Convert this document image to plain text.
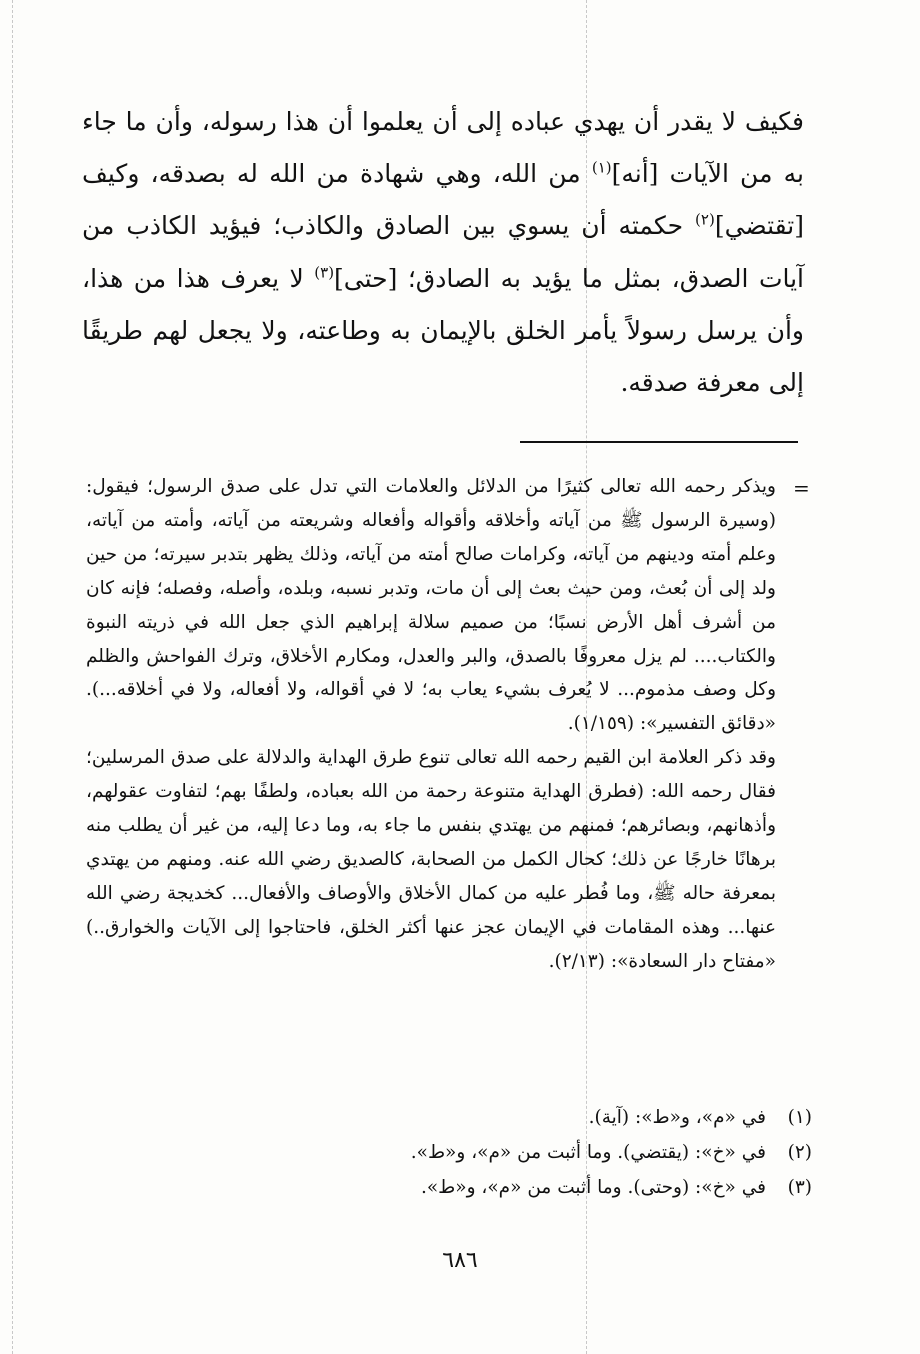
فكيف لا يقدر أن يهدي عباده إلى أن يعلموا أن هذا رسوله، وأن ما جاء به من الآيات [أنه]$^{(١)}$ من الله، وهي شهادة من الله له بصدقه، وكيف [تقتضي]$^{(٢)}$ حكمته أن يسوي بين الصادق والكاذب؛ فيؤيد الكاذب من آيات الصدق، بمثل ما يؤيد به الصادق؛ [حتى]$^{(٣)}$ لا يعرف هذا من هذا، وأن يرسل رسولاً يأمر الخلق بالإيمان به وطاعته، ولا يجعل لهم طريقًا إلى معرفة صدقه.

=

ويذكر رحمه الله تعالى كثيرًا من الدلائل والعلامات التي تدل على صدق الرسول؛ فيقول: (وسيرة الرسول ﷺ من آياته وأخلاقه وأقواله وأفعاله وشريعته من آياته، وأمته من آياته، وعلم أمته ودينهم من آياته، وكرامات صالح أمته من آياته، وذلك يظهر بتدبر سيرته؛ من حين ولد إلى أن بُعث، ومن حيث بعث إلى أن مات، وتدبر نسبه، وبلده، وأصله، وفصله؛ فإنه كان من أشرف أهل الأرض نسبًا؛ من صميم سلالة إبراهيم الذي جعل الله في ذريته النبوة والكتاب.... لم يزل معروفًا بالصدق، والبر والعدل، ومكارم الأخلاق، وترك الفواحش والظلم وكل وصف مذموم... لا يُعرف بشيء يعاب به؛ لا في أقواله، ولا أفعاله، ولا في أخلاقه...). «دقائق التفسير»: (١/١٥٩).

وقد ذكر العلامة ابن القيم رحمه الله تعالى تنوع طرق الهداية والدلالة على صدق المرسلين؛ فقال رحمه الله: (فطرق الهداية متنوعة رحمة من الله بعباده، ولطفًا بهم؛ لتفاوت عقولهم، وأذهانهم، وبصائرهم؛ فمنهم من يهتدي بنفس ما جاء به، وما دعا إليه، من غير أن يطلب منه برهانًا خارجًا عن ذلك؛ كحال الكمل من الصحابة، كالصديق رضي الله عنه. ومنهم من يهتدي بمعرفة حاله ﷺ، وما فُطر عليه من كمال الأخلاق والأوصاف والأفعال... كخديجة رضي الله عنها... وهذه المقامات في الإيمان عجز عنها أكثر الخلق، فاحتاجوا إلى الآيات والخوارق..) «مفتاح دار السعادة»: (٢/١٣).

(١)
في «م»، و«ط»: (آية).
(٢)
في «خ»: (يقتضي). وما أثبت من «م»، و«ط».
(٣)
في «خ»: (وحتى). وما أثبت من «م»، و«ط».
٦٨٦
